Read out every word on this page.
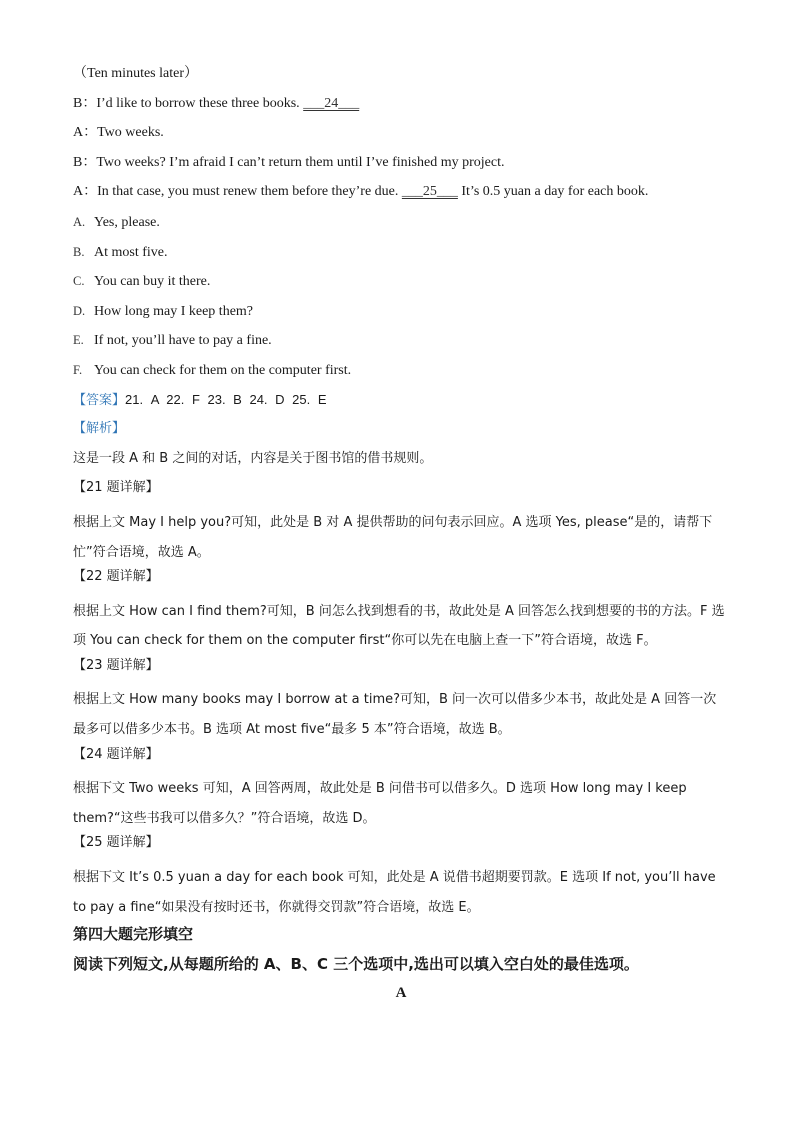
（Ten minutes later）
B：I’d like to borrow these three books. ___24___
A：Two weeks.
B：Two weeks? I’m afraid I can’t return them until I’ve finished my project.
A：In that case, you must renew them before they’re due. ___25___ It’s 0.5 yuan a day for each book.
A. Yes, please.
B. At most five.
C. You can buy it there.
D. How long may I keep them?
E. If not, you’ll have to pay a fine.
F. You can check for them on the computer first.
【答案】21. A 22. F 23. B 24. D 25. E
【解析】
这是一段 A 和 B 之间的对话，内容是关于图书馆的借书规则。
【21 题详解】
根据上文 May I help you?可知，此处是 B 对 A 提供帮助的问句表示回应。A 选项 Yes, please“是的，请帮下忙”符合语境，故选 A。
【22 题详解】
根据上文 How can I find them?可知，B 问怎么找到想看的书，故此处是 A 回答怎么找到想要的书的方法。F 选项 You can check for them on the computer first“你可以先在电脑上查一下”符合语境，故选 F。
【23 题详解】
根据上文 How many books may I borrow at a time?可知，B 问一次可以借多少本书，故此处是 A 回答一次最多可以借多少本书。B 选项 At most five“最多 5 本”符合语境，故选 B。
【24 题详解】
根据下文 Two weeks 可知，A 回答两周，故此处是 B 问借书可以借多久。D 选项 How long may I keep them?“这些书我可以借多久？”符合语境，故选 D。
【25 题详解】
根据下文 It’s 0.5 yuan a day for each book 可知，此处是 A 说借书超期要罚款。E 选项 If not, you’ll have to pay a fine“如果没有按时还书，你就得交罚款”符合语境，故选 E。
第四大题完形填空
阅读下列短文,从每题所给的 A、B、C 三个选项中,选出可以填入空白处的最佳选项。
A
